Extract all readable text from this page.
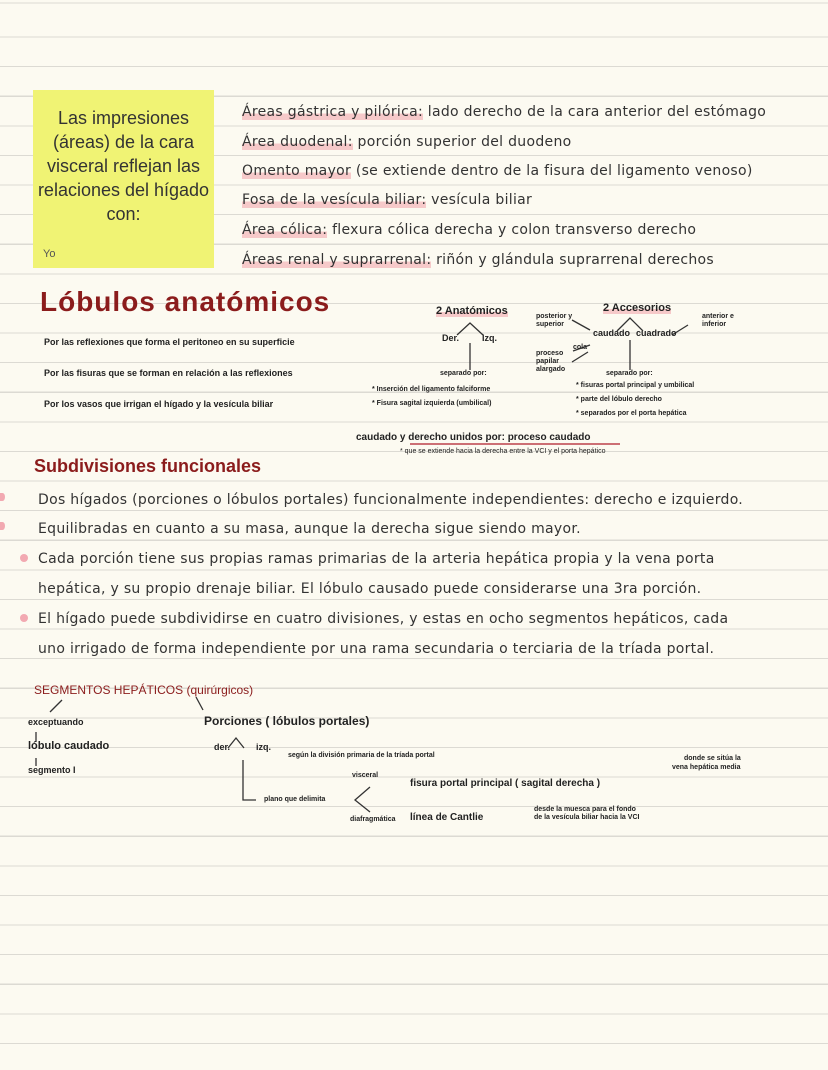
Las impresiones (áreas) de la cara visceral reflejan las relaciones del hígado con:
Yo
Áreas gástrica y pilórica: lado derecho de la cara anterior del estómago
Área duodenal: porción superior del duodeno
Omento mayor (se extiende dentro de la fisura del ligamento venoso)
Fosa de la vesícula biliar: vesícula biliar
Área cólica: flexura cólica derecha y colon transverso derecho
Áreas renal y suprarrenal: riñón y glándula suprarrenal derechos
Lóbulos anatómicos
Por las reflexiones que forma el peritoneo en su superficie
Por las fisuras que se forman en relación a las reflexiones
Por los vasos que irrigan el hígado y la vesícula biliar
2 Anatómicos
Der.	Izq.
separado por:
* Inserción del ligamento falciforme
* Fisura sagital izquierda (umbilical)
2 Accesorios
posterior y superior
caudado cuadrado
anterior e inferior
cola
proceso papilar alargado
separado por:
* fisuras portal principal y umbilical
* parte del lóbulo derecho
* separados por el porta hepática
caudado y derecho unidos por: proceso caudado
* que se extiende hacia la derecha entre la VCI y el porta hepático
Subdivisiones funcionales
Dos hígados (porciones o lóbulos portales) funcionalmente independientes: derecho e izquierdo.
Equilibradas en cuanto a su masa, aunque la derecha sigue siendo mayor.
Cada porción tiene sus propias ramas primarias de la arteria hepática propia y la vena porta
hepática, y su propio drenaje biliar. El lóbulo causado puede considerarse una 3ra porción.
El hígado puede subdividirse en cuatro divisiones, y estas en ocho segmentos hepáticos, cada
uno irrigado de forma independiente por una rama secundaria o terciaria de la tríada portal.
SEGMENTOS HEPÁTICOS (quirúrgicos)
exceptuando
lóbulo caudado
segmento I
Porciones ( lóbulos portales)
der.	izq.
según la división primaria de la tríada portal
plano que delimita
visceral
diafragmática
fisura portal principal ( sagital derecha )
línea de Cantlie
donde se sitúa la
vena hepática media
desde la muesca para el fondo
de la vesícula biliar hacia la VCI
